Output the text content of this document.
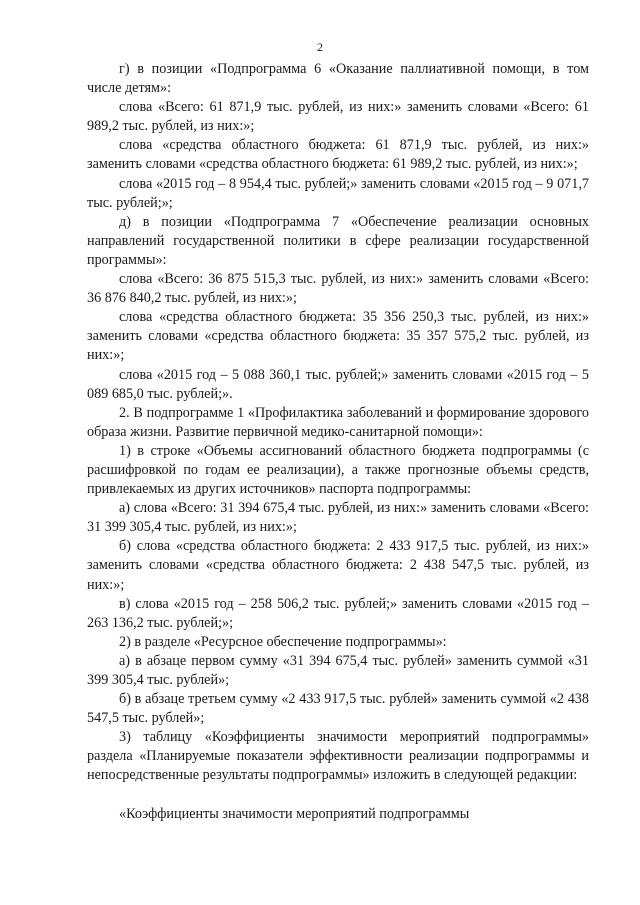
2

г) в позиции «Подпрограмма 6 «Оказание паллиативной помощи, в том числе детям»:

слова «Всего: 61 871,9 тыс. рублей, из них:» заменить словами «Всего: 61 989,2 тыс. рублей, из них:»;

слова «средства областного бюджета: 61 871,9 тыс. рублей, из них:» заменить словами «средства областного бюджета: 61 989,2 тыс. рублей, из них:»;

слова «2015 год – 8 954,4 тыс. рублей;» заменить словами «2015 год – 9 071,7 тыс. рублей;»;

д) в позиции «Подпрограмма 7 «Обеспечение реализации основных направлений государственной политики в сфере реализации государственной программы»:

слова «Всего: 36 875 515,3 тыс. рублей, из них:» заменить словами «Всего: 36 876 840,2 тыс. рублей, из них:»;

слова «средства областного бюджета: 35 356 250,3 тыс. рублей, из них:» заменить словами «средства областного бюджета: 35 357 575,2 тыс. рублей, из них:»;

слова «2015 год – 5 088 360,1 тыс. рублей;» заменить словами «2015 год – 5 089 685,0 тыс. рублей;».

2. В подпрограмме 1 «Профилактика заболеваний и формирование здорового образа жизни. Развитие первичной медико-санитарной помощи»:

1) в строке «Объемы ассигнований областного бюджета подпрограммы (с расшифровкой по годам ее реализации), а также прогнозные объемы средств, привлекаемых из других источников» паспорта подпрограммы:

а) слова «Всего: 31 394 675,4 тыс. рублей, из них:» заменить словами «Всего: 31 399 305,4 тыс. рублей, из них:»;

б) слова «средства областного бюджета: 2 433 917,5 тыс. рублей, из них:» заменить словами «средства областного бюджета: 2 438 547,5 тыс. рублей, из них:»;

в) слова «2015 год – 258 506,2 тыс. рублей;» заменить словами «2015 год – 263 136,2 тыс. рублей;»;

2) в разделе «Ресурсное обеспечение подпрограммы»:

а) в абзаце первом сумму «31 394 675,4 тыс. рублей» заменить суммой «31 399 305,4 тыс. рублей»;

б) в абзаце третьем сумму «2 433 917,5 тыс. рублей» заменить суммой «2 438 547,5 тыс. рублей»;

3) таблицу «Коэффициенты значимости мероприятий подпрограммы» раздела «Планируемые показатели эффективности реализации подпрограммы и непосредственные результаты подпрограммы» изложить в следующей редакции:

«Коэффициенты значимости мероприятий подпрограммы
